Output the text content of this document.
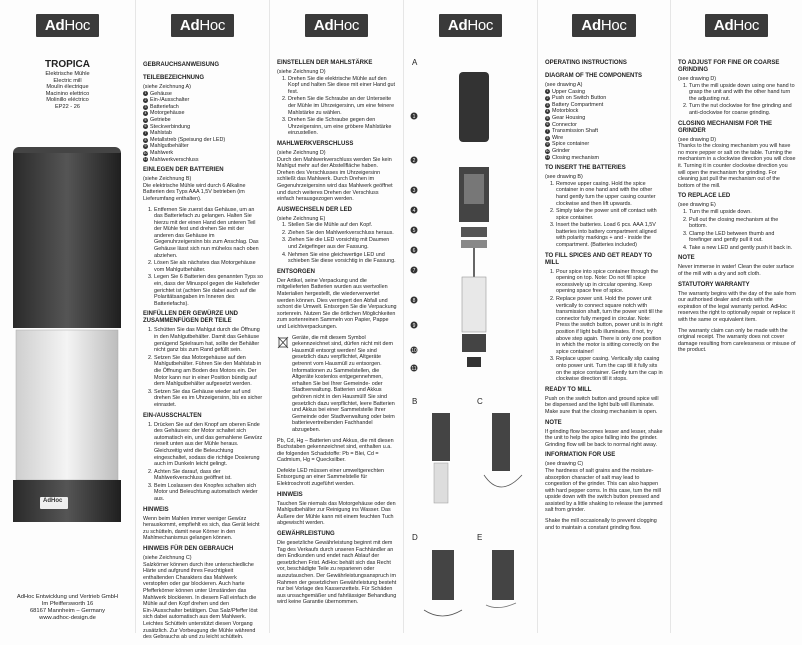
AdHoc

TROPICA

Elektrische Mühle
Electric mill
Moulin électrique
Macinino elettrico
Molinillo eléctrico
EP22 - 26
AdHoc
AdHoc Entwicklung und Vertrieb GmbH
Im Pfeiffersworth 16
68167 Mannheim – Germany
www.adhoc-design.de
AdHoc
GEBRAUCHSANWEISUNG
TEILEBEZEICHNUNG
(siehe Zeichnung A)
1 Gehäuse
2 Ein-/Ausschalter
3 Batteriefach
4 Motorgehäuse
5 Getriebe
6 Steckverbindung
7 Mahlstab
8 Metallstreb (Speisung der LED)
9 Mahlgutbehälter
10 Mahlwerk
11 Mahlwerkverschluss
EINLEGEN DER BATTERIEN
(siehe Zeichnung B)

Die elektrische Mühle wird durch 6 Alkaline Batterien des Typs AAA 1,5V betrieben (im Lieferumfang enthalten).

1. Entfernen Sie zuerst das Gehäuse, um an das Batteriefach zu gelangen. Halten Sie hierzu mit der einen Hand den unteren Teil der Mühle fest und drehen Sie mit der anderen das Gehäuse im Gegenuhrzeigersinn bis zum Anschlag. Das Gehäuse lässt sich nun mühelos nach oben abziehen.
2. Lösen Sie als nächstes das Motorgehäuse vom Mahlgutbehälter.
3. Legen Sie 6 Batterien des genannten Typs so ein, dass der Minuspol gegen die Haltefeder gerichtet ist (achten Sie dabei auch auf die Polaritätsangaben im Inneren des Batteriefachs).
EINFÜLLEN DER GEWÜRZE UND ZUSAMMENFÜGEN DER TEILE
1. Schütten Sie das Mahlgut durch die Öffnung in den Mahlgutbehälter. Damit das Gehäuse genügend Spielraum hat, sollte der Behälter nicht ganz bis zum Rand gefüllt sein.
2. Setzen Sie das Motorgehäuse auf den Mahlgutbehälter. Führen Sie den Mahlstab in die Öffnung am Boden des Motors ein. Der Motor kann nur in einer Position bündig auf dem Mahlgutbehälter aufgesetzt werden.
3. Setzen Sie das Gehäuse wieder auf und drehen Sie es im Uhrzeigersinn, bis es sicher einrastet.
EIN-/AUSSCHALTEN
1. Drücken Sie auf den Knopf am oberen Ende des Gehäuses: der Motor schaltet sich automatisch ein, und das gemahlene Gewürz rieselt unten aus der Mühle heraus. Gleichzeitig wird die Beleuchtung eingeschaltet, sodass die richtige Dosierung auch im Dunkeln leicht gelingt.
2. Achten Sie darauf, dass der Mahlwerkverschluss geöffnet ist.
3. Beim Loslassen des Knopfes schalten sich Motor und Beleuchtung automatisch wieder aus.
HINWEIS

Wenn beim Mahlen immer weniger Gewürz herauskommt, empfiehlt es sich, das Gerät leicht zu schütteln, damit neue Körner in den Mahlmechanismus gelangen können.

HINWEIS FÜR DEN GEBRAUCH
(siehe Zeichnung C)

Salzkörner können durch ihre unterschiedliche Härte und aufgrund ihres Feuchtigkeit enthaltenden Charakters das Mahlwerk verstopfen oder gar blockieren. Auch harte Pfefferkörner können unter Umständen das Mahlwerk blockieren. In diesem Fall einfach die Mühle auf den Kopf drehen und den Ein-/Ausschalter betätigen. Das Salz/Pfeffer löst sich dabei automatisch aus dem Mahlwerk. Leichtes Schütteln unterstützt diesen Vorgang zusätzlich. Zur Vorbeugung die Mühle während des Gebrauchs ab und zu leicht schütteln.

AdHoc
EINSTELLEN DER MAHLSTÄRKE
(siehe Zeichnung D)
1. Drehen Sie die elektrische Mühle auf den Kopf und halten Sie diese mit einer Hand gut fest.
2. Drehen Sie die Schraube an der Unterseite der Mühle im Uhrzeigersinn, um eine feinere Mahlstärke zu wählen.
3. Drehen Sie die Schraube gegen den Uhrzeigersinn, um eine gröbere Mahlstärke einzustellen.
MAHLWERKVERSCHLUSS
(siehe Zeichnung D)

Durch den Mahlwerkverschluss werden Sie kein Mahlgut mehr auf der Abstellfläche haben. Drehen des Verschlusses im Uhrzeigersinn schließt das Mahlwerk. Durch Drehen im Gegenuhrzeigersinn wird das Mahlwerk geöffnet und durch weiteres Drehen der Verschluss einfach herausgezogen werden.

AUSWECHSELN DER LED
(siehe Zeichnung E)
1. Stellen Sie die Mühle auf den Kopf.
2. Ziehen Sie den Mahlwerkverschluss heraus.
3. Ziehen Sie die LED vorsichtig mit Daumen und Zeigefinger aus der Fassung.
4. Nehmen Sie eine gleichwertige LED und schieben Sie diese vorsichtig in die Fassung.
ENTSORGEN

Der Artikel, seine Verpackung und die mitgelieferten Batterien wurden aus wertvollen Materialien hergestellt, die wiederverwertet werden können. Dies verringert den Abfall und schont die Umwelt. Entsorgen Sie die Verpackung sortenrein. Nutzen Sie die örtlichen Möglichkeiten zum sortenreinen Sammeln von Papier, Pappe und Leichtverpackungen.

Geräte, die mit diesem Symbol gekennzeichnet sind, dürfen nicht mit dem Hausmüll entsorgt werden! Sie sind gesetzlich dazu verpflichtet, Altgeräte getrennt vom Hausmüll zu entsorgen. Informationen zu Sammelstellen, die Altgeräte kostenlos entgegennehmen, erhalten Sie bei Ihrer Gemeinde- oder Stadtverwaltung. Batterien und Akkus gehören nicht in den Hausmüll! Sie sind gesetzlich dazu verpflichtet, leere Batterien und Akkus bei einer Sammelstelle Ihrer Gemeinde oder Stadtverwaltung oder beim batterievertreibenden Fachhandel abzugeben.

Pb, Cd, Hg – Batterien und Akkus, die mit diesen Buchstaben gekennzeichnet sind, enthalten u.a. die folgenden Schadstoffe: Pb = Blei, Cd = Cadmium, Hg = Quecksilber.

Defekte LED müssen einer umweltgerechten Entsorgung an einer Sammelstelle für Elektroschrott zugeführt werden.

HINWEIS

Tauchen Sie niemals das Motorgehäuse oder den Mahlgutbehälter zur Reinigung ins Wasser. Das Äußere der Mühle kann mit einem feuchten Tuch abgewischt werden.

GEWÄHRLEISTUNG

Die gesetzliche Gewährleistung beginnt mit dem Tag des Verkaufs durch unseren Fachhändler an den Endkunden und endet nach Ablauf der gesetzlichen Frist. AdHoc behält sich das Recht vor, beschädigte Teile zu reparieren oder auszutauschen. Der Gewährleistungsanspruch im Rahmen der gesetzlichen Gewährleistung besteht nur bei Vorlage des Kassenzettels. Für Schäden aus unsachgemäßer und fahrlässiger Behandlung wird keine Garantie übernommen.

AdHoc
A
1
2
3
4
5
6
7
8
9
10
11
B	C
D	E
AdHoc
OPERATING INSTRUCTIONS
DIAGRAM OF THE COMPONENTS
(see drawing A)
1 Upper Casing
2 Push on Switch Button
3 Battery Compartment
4 Motorblock
5 Gear Housing
6 Connector
7 Transmission Shaft
8 Wire
9 Spice container
10 Grinder
11 Closing mechanism
TO INSERT THE BATTERIES
(see drawing B)
1. Remove upper casing. Hold the spice container in one hand and with the other hand gently turn the upper casing counter clockwise and then lift upwards.
2. Simply take the power unit off contact with spice container.
3. Insert the batteries. Load 6 pcs. AAA 1,5V batteries into battery compartment aligned with polarity markings + and - inside the compartment. (Batteries included)
TO FILL SPICES AND GET READY TO MILL
1. Pour spice into spice container through the opening on top. Note: Do not fill spice excessively up in circular opening. Keep opening space free of spice.
2. Replace power unit. Hold the power unit vertically to connect square notch with transmission shaft, turn the power unit till the connector fully merged in circular. Note: Press the switch button, power unit is in right position if light bulb illuminates. If not, try above step again. There is only one position in which the motor is sitting correctly on the spice container!
3. Replace upper casing. Vertically slip casing onto power unit. Turn the cap till it fully sits on the spice container. Gently turn the cap in clockwise direction till it stops.
READY TO MILL

Push on the switch button and ground spice will be dispensed and the light bulb will illuminate. Make sure that the closing mechanism is open.

NOTE

If grinding flow becomes lesser and lesser, shake the unit to help the spice falling into the grinder. Grinding flow will be back to normal right away.

INFORMATION FOR USE
(see drawing C)

The hardness of salt grains and the moisture-absorption character of salt may lead to congestion of the grinder. This can also happen with hard pepper corns. In this case, turn the mill upside down with the switch button pressed and assisted by a little shaking to release the jammed salt from grinder.

Shake the mill occasionally to prevent clogging and to maintain a constant grinding flow.

AdHoc
TO ADJUST FOR FINE OR COARSE GRINDING
(see drawing D)
1. Turn the mill upside down using one hand to grasp the unit and with the other hand turn the adjusting nut.
2. Turn the nut clockwise for fine grinding and anti-clockwise for coarse grinding.
CLOSING MECHANISM FOR THE GRINDER
(see drawing D)

Thanks to the closing mechanism you will have no more pepper or salt on the table. Turning the mechanism in a clockwise direction you will close it. Turning it in counter clockwise direction you will open the mechanism for grinding. For cleaning just pull the mechanism out of the bottom of the mill.

TO REPLACE LED
(see drawing E)
1. Turn the mill upside down.
2. Pull out the closing mechanism at the bottom.
3. Clamp the LED between thumb and forefinger and gently pull it out.
4. Take a new LED and gently push it back in.
NOTE

Never immerse in water! Clean the outer surface of the mill with a dry and soft cloth.

STATUTORY WARRANTY

The warranty begins with the day of the sale from our authorised dealer and ends with the expiration of the legal warranty period. AdHoc reserves the right to optionally repair or replace it with the same or equivalent item.

The warranty claim can only be made with the original receipt. The warranty does not cover damage resulting from carelessness or misuse of the product.
